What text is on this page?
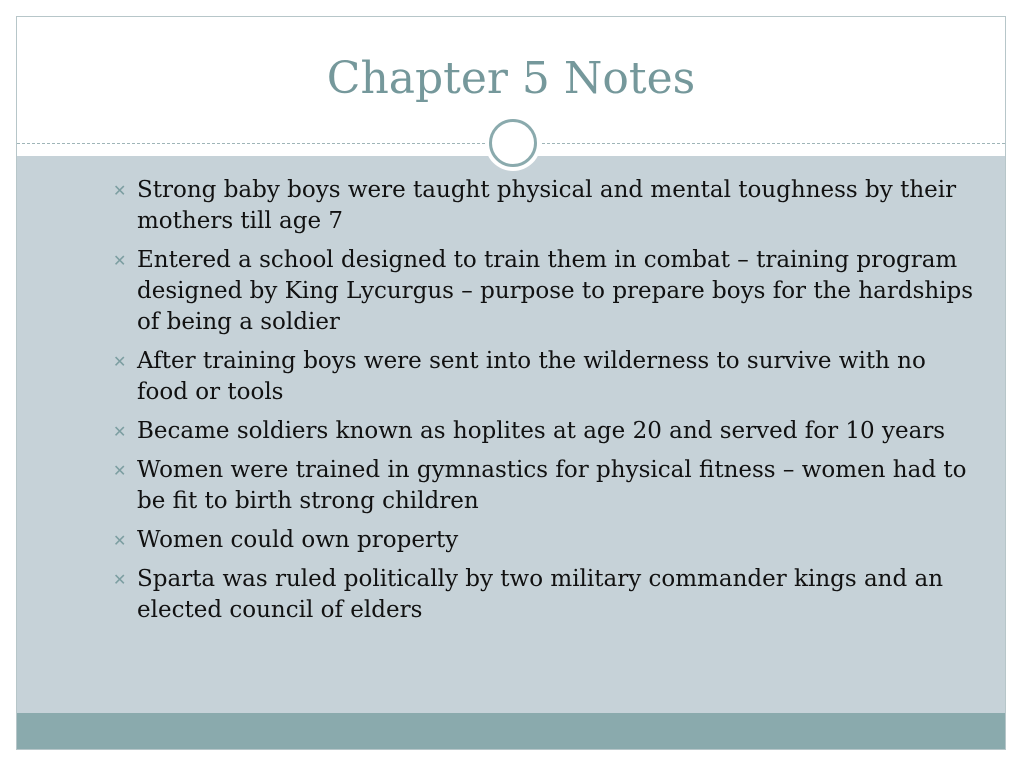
Chapter 5 Notes
✕ Strong baby boys were taught physical and mental toughness by their mothers till age 7
✕ Entered a school designed to train them in combat – training program designed by King Lycurgus – purpose to prepare boys for the hardships of being a soldier
✕ After training boys were sent into the wilderness to survive with no food or tools
✕ Became soldiers known as hoplites at age 20 and served for 10 years
✕ Women were trained in gymnastics for physical fitness – women had to be fit to birth strong children
✕ Women could own property
✕ Sparta was ruled politically by two military commander kings and an elected council of elders
